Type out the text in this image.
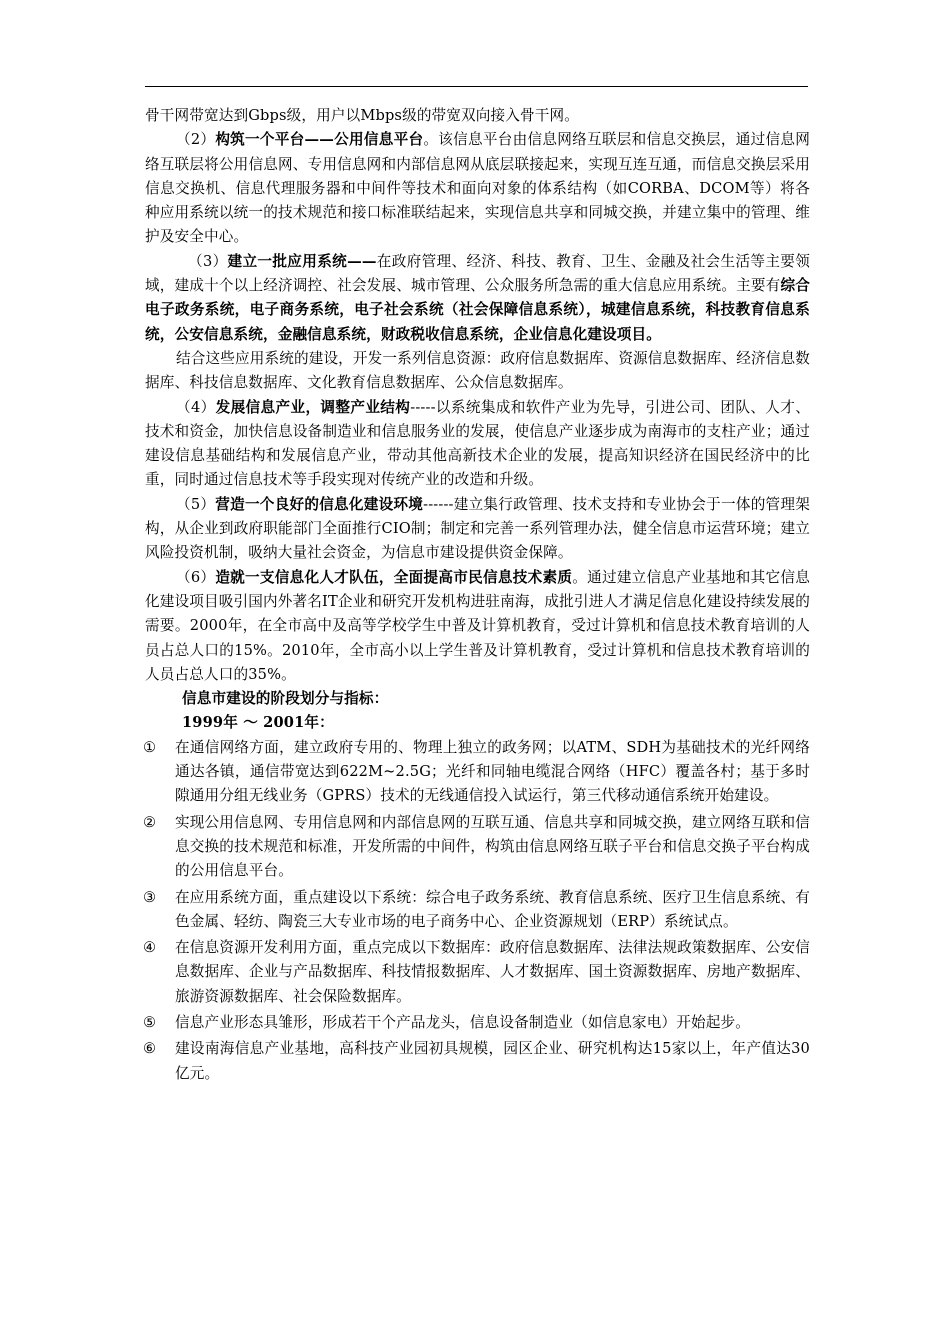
骨干网带宽达到Gbps级，用户以Mbps级的带宽双向接入骨干网。

（2）构筑一个平台——公用信息平台。该信息平台由信息网络互联层和信息交换层，通过信息网络互联层将公用信息网、专用信息网和内部信息网从底层联接起来，实现互连互通，而信息交换层采用信息交换机、信息代理服务器和中间件等技术和面向对象的体系结构（如CORBA、DCOM等）将各种应用系统以统一的技术规范和接口标准联结起来，实现信息共享和同城交换，并建立集中的管理、维护及安全中心。

（3）建立一批应用系统——在政府管理、经济、科技、教育、卫生、金融及社会生活等主要领域，建成十个以上经济调控、社会发展、城市管理、公众服务所急需的重大信息应用系统。主要有综合电子政务系统，电子商务系统，电子社会系统（社会保障信息系统），城建信息系统，科技教育信息系统，公安信息系统，金融信息系统，财政税收信息系统，企业信息化建设项目。

结合这些应用系统的建设，开发一系列信息资源：政府信息数据库、资源信息数据库、经济信息数据库、科技信息数据库、文化教育信息数据库、公众信息数据库。

（4）发展信息产业，调整产业结构-----以系统集成和软件产业为先导，引进公司、团队、人才、技术和资金，加快信息设备制造业和信息服务业的发展，使信息产业逐步成为南海市的支柱产业；通过建设信息基础结构和发展信息产业，带动其他高新技术企业的发展，提高知识经济在国民经济中的比重，同时通过信息技术等手段实现对传统产业的改造和升级。

（5）营造一个良好的信息化建设环境------建立集行政管理、技术支持和专业协会于一体的管理架构，从企业到政府职能部门全面推行CIO制；制定和完善一系列管理办法，健全信息市运营环境；建立风险投资机制，吸纳大量社会资金，为信息市建设提供资金保障。

（6）造就一支信息化人才队伍，全面提高市民信息技术素质。通过建立信息产业基地和其它信息化建设项目吸引国内外著名IT企业和研究开发机构进驻南海，成批引进人才满足信息化建设持续发展的需要。2000年，在全市高中及高等学校学生中普及计算机教育，受过计算机和信息技术教育培训的人员占总人口的15%。2010年，全市高小以上学生普及计算机教育，受过计算机和信息技术教育培训的人员占总人口的35%。

信息市建设的阶段划分与指标：

1999年 ～ 2001年：

① 在通信网络方面，建立政府专用的、物理上独立的政务网；以ATM、SDH为基础技术的光纤网络通达各镇，通信带宽达到622M~2.5G；光纤和同轴电缆混合网络（HFC）覆盖各村；基于多时隙通用分组无线业务（GPRS）技术的无线通信投入试运行，第三代移动通信系统开始建设。
② 实现公用信息网、专用信息网和内部信息网的互联互通、信息共享和同城交换，建立网络互联和信息交换的技术规范和标准，开发所需的中间件，构筑由信息网络互联子平台和信息交换子平台构成的公用信息平台。
③ 在应用系统方面，重点建设以下系统：综合电子政务系统、教育信息系统、医疗卫生信息系统、有色金属、轻纺、陶瓷三大专业市场的电子商务中心、企业资源规划（ERP）系统试点。
④ 在信息资源开发利用方面，重点完成以下数据库：政府信息数据库、法律法规政策数据库、公安信息数据库、企业与产品数据库、科技情报数据库、人才数据库、国土资源数据库、房地产数据库、旅游资源数据库、社会保险数据库。
⑤ 信息产业形态具雏形，形成若干个产品龙头，信息设备制造业（如信息家电）开始起步。
⑥ 建设南海信息产业基地，高科技产业园初具规模，园区企业、研究机构达15家以上，年产值达30亿元。
